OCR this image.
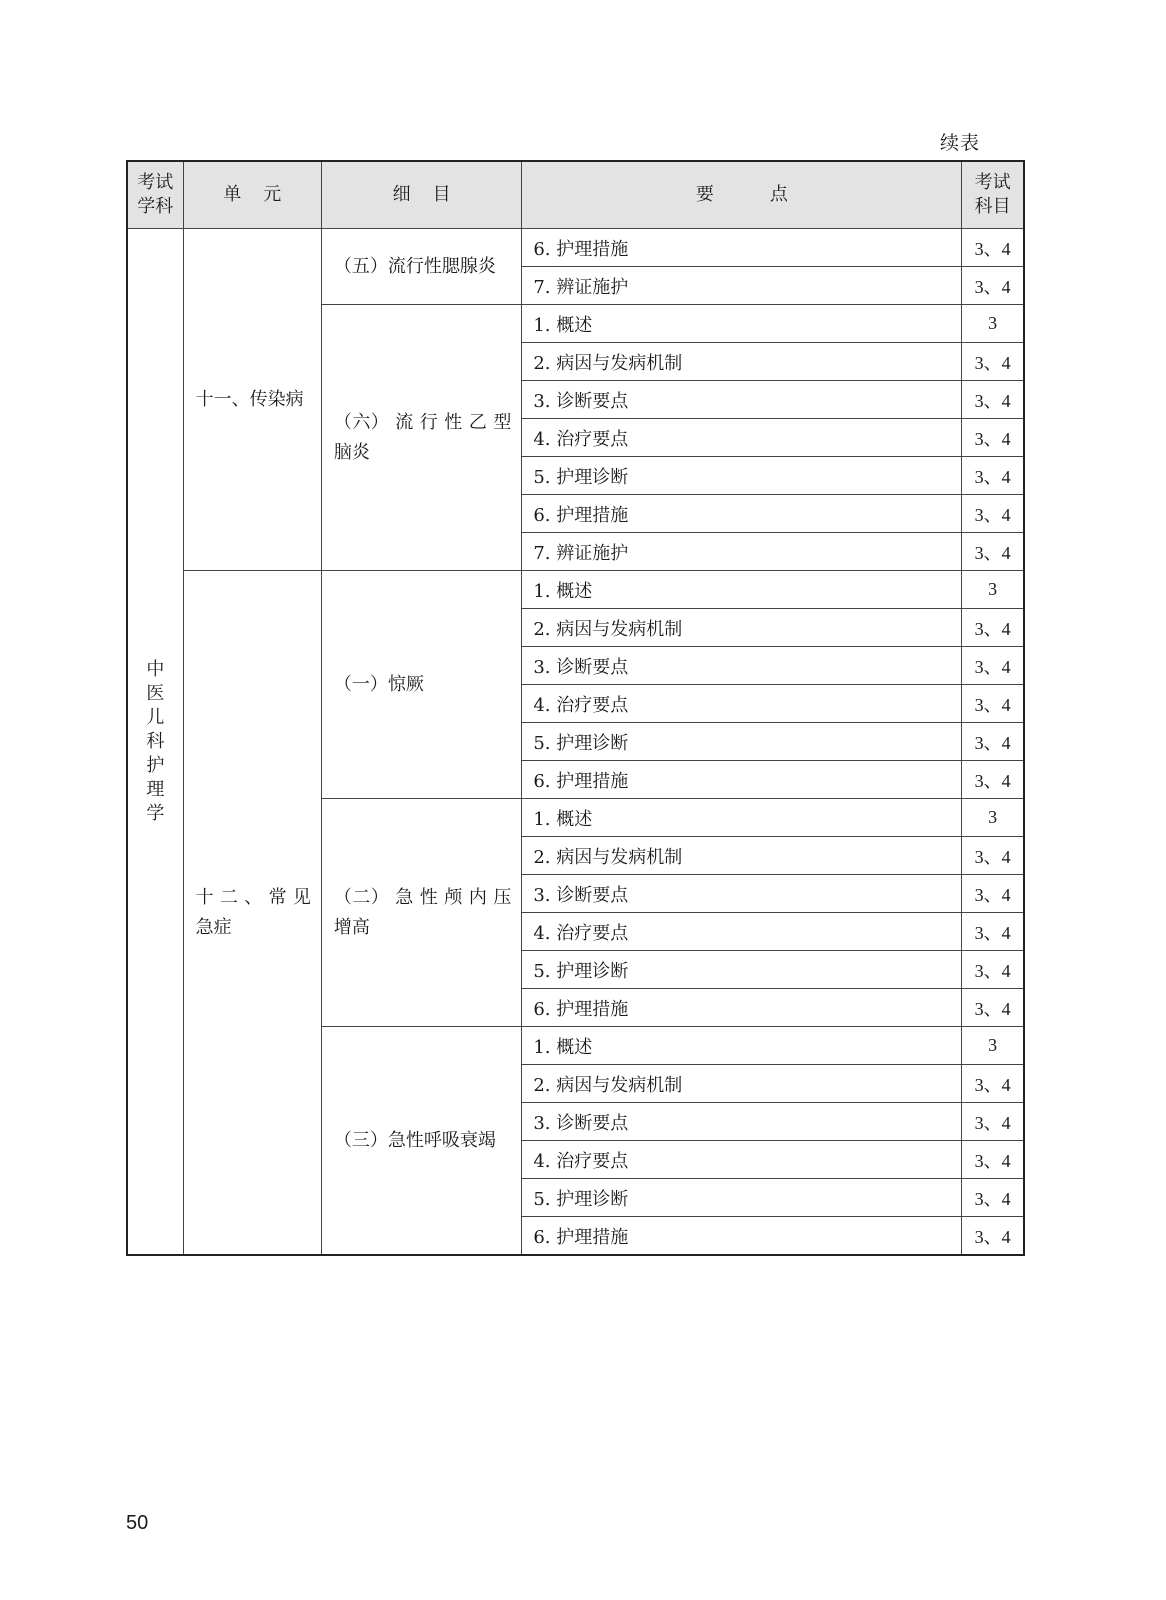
续表
考试学科	单元	细目	要点	考试科目
中医儿科护理学	十一、传染病	（五）流行性腮腺炎	6. 护理措施	3、4
			7. 辨证施护	3、4
		（六） 流 行 性 乙 型 脑炎	1. 概述	3
			2. 病因与发病机制	3、4
			3. 诊断要点	3、4
			4. 治疗要点	3、4
			5. 护理诊断	3、4
			6. 护理措施	3、4
			7. 辨证施护	3、4
	十 二 、 常 见 急症	（一）惊厥	1. 概述	3
			2. 病因与发病机制	3、4
			3. 诊断要点	3、4
			4. 治疗要点	3、4
			5. 护理诊断	3、4
			6. 护理措施	3、4
		（二） 急 性 颅 内 压 增高	1. 概述	3
			2. 病因与发病机制	3、4
			3. 诊断要点	3、4
			4. 治疗要点	3、4
			5. 护理诊断	3、4
			6. 护理措施	3、4
		（三）急性呼吸衰竭	1. 概述	3
			2. 病因与发病机制	3、4
			3. 诊断要点	3、4
			4. 治疗要点	3、4
			5. 护理诊断	3、4
			6. 护理措施	3、4
50
